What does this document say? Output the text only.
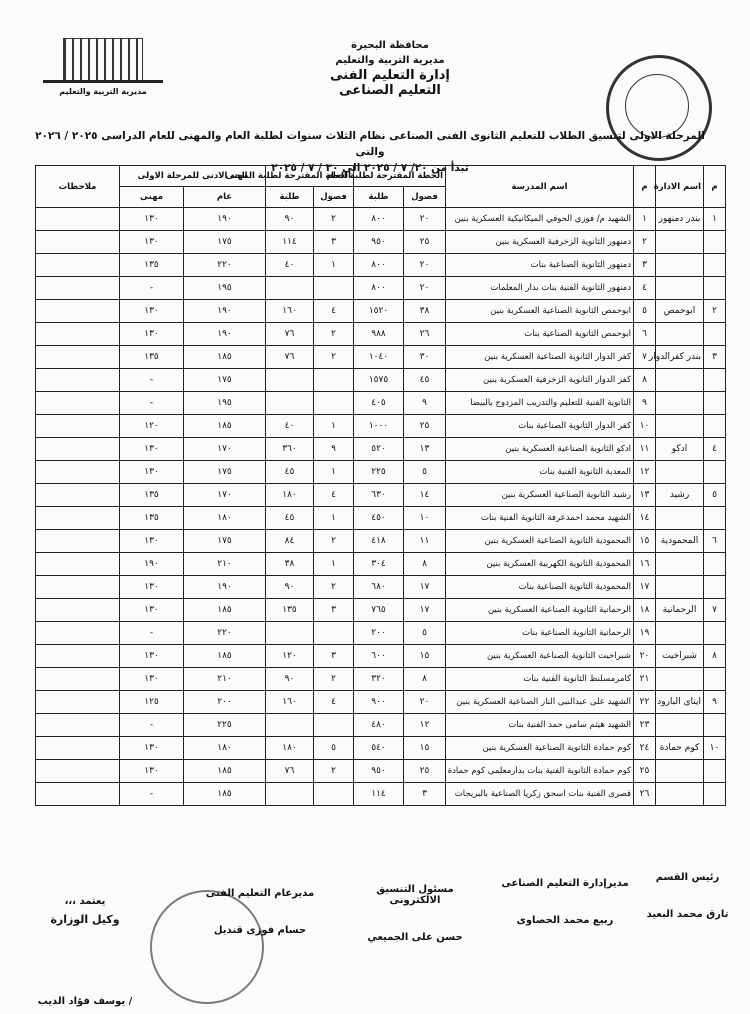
مديرية التربية والتعليم
محافظة البحيرة
مديرية التربية والتعليم
إدارة التعليم الفنى
التعليم الصناعى
المرحلة الاولى لتنسيق الطلاب للتعليم الثانوى الفنى الصناعى نظام الثلاث سنوات لطلبة العام والمهنى للعام الدراسى ٢٠٢٥ / ٢٠٢٦ والتى
تبدأ من ٢٠/ ٧ / ٢٠٢٥ الى ٣٠ / ٧ / ٢٠٢٥
م	اسم الادارة	م	اسم المدرسة	الخطة المقترحة لطلبة العام		الخطة المقترحة لطلبة المهنى		الحد الادنى للمرحلة الاولى		ملاحظات
				فصول	طلبة	فصول	طلبة	عام	مهنى	
١	بندر دمنهور	١	الشهيد م/ فوزي الحوفي الميكانيكية العسكرية بنين	٢٠	٨٠٠	٢	٩٠	١٩٠	١٣٠	
		٢	دمنهور الثانوية الزخرفية العسكرية بنين	٢٥	٩٥٠	٣	١١٤	١٧٥	١٣٠	
		٣	دمنهور الثانوية الصناعية بنات	٢٠	٨٠٠	١	٤٠	٢٢٠	١٣٥	
		٤	دمنهور الثانوية الفنية بنات بدار المعلمات	٢٠	٨٠٠			١٩٥	-	
٢	ابوحمص	٥	ابوحمص الثانوية الصناعية العسكرية بنين	٣٨	١٥٢٠	٤	١٦٠	١٩٠	١٣٠	
		٦	ابوحمص الثانوية الصناعية بنات	٢٦	٩٨٨	٢	٧٦	١٩٠	١٣٠	
٣	بندر كفرالدوار	٧	كفر الدوار الثانوية الصناعية العسكرية بنين	٣٠	١٠٤٠	٢	٧٦	١٨٥	١٣٥	
		٨	كفر الدوار الثانوية الزخرفية العسكرية بنين	٤٥	١٥٧٥			١٧٥	-	
		٩	الثانوية الفنية للتعليم والتدريب المزدوج بالبيضا	٩	٤٠٥			١٩٥	-	
		١٠	كفر الدوار الثانوية الصناعية بنات	٢٥	١٠٠٠	١	٤٠	١٨٥	١٢٠	
٤	ادكو	١١	ادكو الثانوية الصناعية العسكرية بنين	١٣	٥٢٠	٩	٣٦٠	١٧٠	١٣٠	
		١٢	المعدية الثانوية الفنية بنات	٥	٢٢٥	١	٤٥	١٧٥	١٣٠	
٥	رشيد	١٣	رشيد الثانوية الصناعية العسكرية بنين	١٤	٦٣٠	٤	١٨٠	١٧٠	١٣٥	
		١٤	الشهيد محمد احمدعرفة الثانوية الفنية بنات	١٠	٤٥٠	١	٤٥	١٨٠	١٣٥	
٦	المحمودية	١٥	المحمودية الثانوية الصناعية العسكرية بنين	١١	٤١٨	٢	٨٤	١٧٥	١٣٠	
		١٦	المحمودية الثانوية الكهربية العسكرية بنين	٨	٣٠٤	١	٣٨	٢١٠	١٩٠	
		١٧	المحمودية الثانوية الصناعية بنات	١٧	٦٨٠	٢	٩٠	١٩٠	١٣٠	
٧	الرحمانية	١٨	الرحمانية الثانوية الصناعية العسكرية بنين	١٧	٧٦٥	٣	١٣٥	١٨٥	١٣٠	
		١٩	الرحمانية الثانوية الصناعية بنات	٥	٢٠٠			٢٢٠	-	
٨	شبراخيت	٢٠	شبراخيت الثانوية الصناعية العسكرية بنين	١٥	٦٠٠	٣	١٢٠	١٨٥	١٣٠	
		٢١	كامرمسلنظ الثانوية الفنية بنات	٨	٣٢٠	٢	٩٠	٢١٠	١٣٠	
٩	ايتاى البارود	٢٢	الشهيد على عبدالنبى النار الصناعية العسكرية بنين	٢٠	٩٠٠	٤	١٦٠	٢٠٠	١٢٥	
		٢٣	الشهيد هيثم سامى حمد الفنية بنات	١٢	٤٨٠			٢٢٥	-	
١٠	كوم حمادة	٢٤	كوم حمادة الثانوية الصناعية العسكرية بنين	١٥	٥٤٠	٥	١٨٠	١٨٠	١٣٠	
		٢٥	كوم حمادة الثانوية الفنية بنات بدارمعلمى كوم حمادة	٢٥	٩٥٠	٢	٧٦	١٨٥	١٣٠	
		٢٦	قصرى الفنية بنات اسحق زكريا الصناعية بالبريجات	٣	١١٤			١٨٥	-	
يعتمد ،،،
وكيل الوزارة
/ يوسف فؤاد الديب
مديرعام التعليم الفنى
حسام فوزى قنديل
مسئول التنسيق الالكترونى
حسن على الجميعي
مديرإدارة التعليم الصناعى
ربيع محمد الحصاوى
رئيس القسم
تارق محمد البعيد
